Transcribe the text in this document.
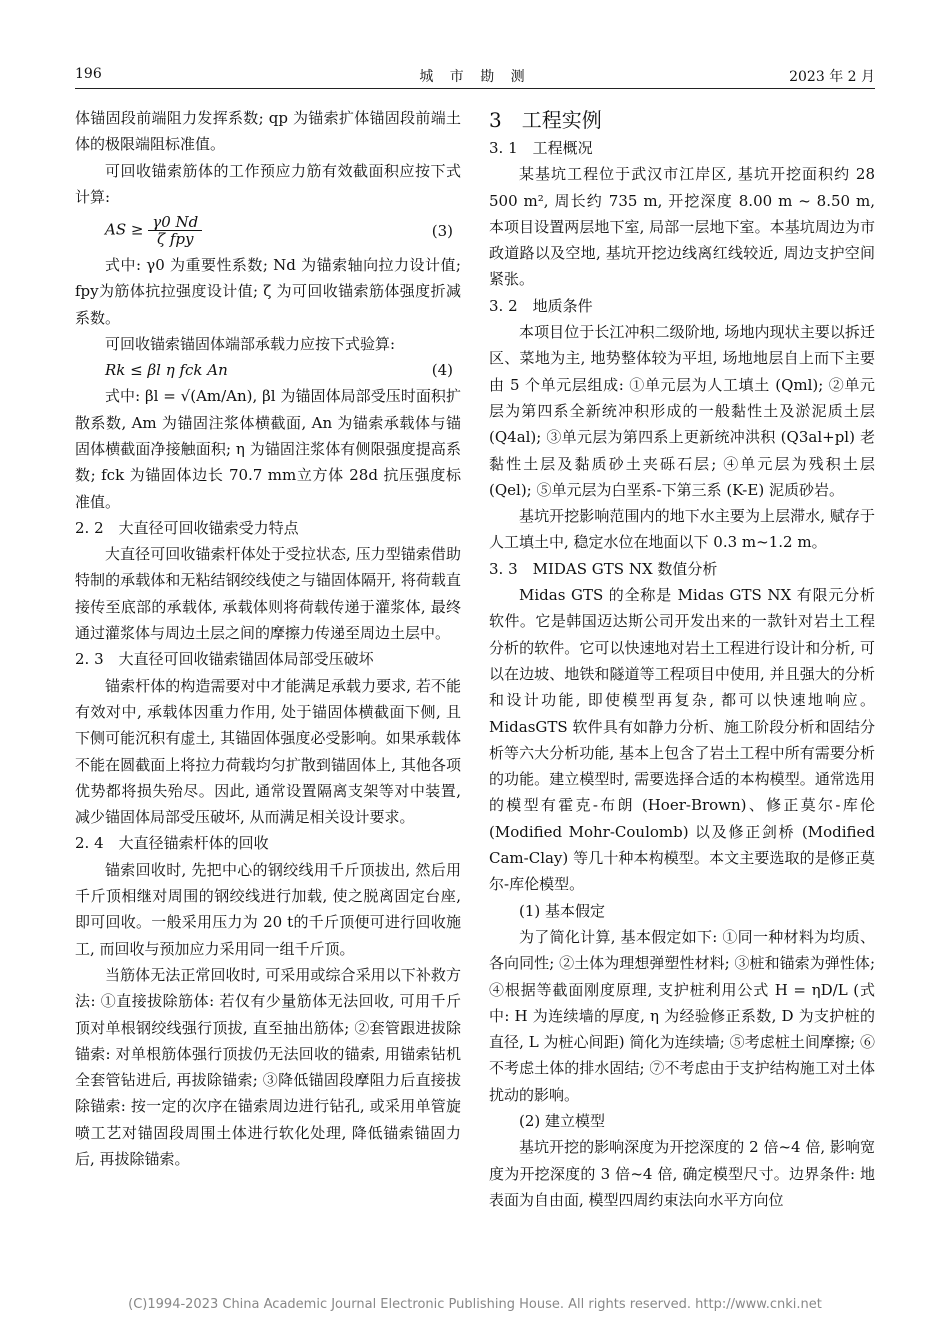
196	城 市 勘 测	2023 年 2 月

体锚固段前端阻力发挥系数; qp 为锚索扩体锚固段前端土体的极限端阻标准值。

可回收锚索筋体的工作预应力筋有效截面积应按下式计算:

AS ≥ $\frac{\gamma 0 Nd}{\text{ζ fpy}}$	(3)

式中: γ0 为重要性系数; Nd 为锚索轴向拉力设计值; fpy为筋体抗拉强度设计值; ζ 为可回收锚索筋体强度折减系数。

可回收锚索锚固体端部承载力应按下式验算:

Rk ≤ βl η fck An	(4)

式中: βl = √(Am/An), βl 为锚固体局部受压时面积扩散系数, Am 为锚固注浆体横截面, An 为锚索承载体与锚固体横截面净接触面积; η 为锚固注浆体有侧限强度提高系数; fck 为锚固体边长 70.7 mm立方体 28d 抗压强度标准值。

2. 2　大直径可回收锚索受力特点

大直径可回收锚索杆体处于受拉状态, 压力型锚索借助特制的承载体和无粘结钢绞线使之与锚固体隔开, 将荷载直接传至底部的承载体, 承载体则将荷载传递于灌浆体, 最终通过灌浆体与周边土层之间的摩擦力传递至周边土层中。

2. 3　大直径可回收锚索锚固体局部受压破坏

锚索杆体的构造需要对中才能满足承载力要求, 若不能有效对中, 承载体因重力作用, 处于锚固体横截面下侧, 且下侧可能沉积有虚土, 其锚固体强度必受影响。如果承载体不能在圆截面上将拉力荷载均匀扩散到锚固体上, 其他各项优势都将损失殆尽。因此, 通常设置隔离支架等对中装置, 减少锚固体局部受压破坏, 从而满足相关设计要求。

2. 4　大直径锚索杆体的回收

锚索回收时, 先把中心的钢绞线用千斤顶拔出, 然后用千斤顶相继对周围的钢绞线进行加载, 使之脱离固定台座, 即可回收。一般采用压力为 20 t的千斤顶便可进行回收施工, 而回收与预加应力采用同一组千斤顶。

当筋体无法正常回收时, 可采用或综合采用以下补救方法: ①直接拔除筋体: 若仅有少量筋体无法回收, 可用千斤顶对单根钢绞线强行顶拔, 直至抽出筋体; ②套管跟进拔除锚索: 对单根筋体强行顶拔仍无法回收的锚索, 用锚索钻机全套管钻进后, 再拔除锚索; ③降低锚固段摩阻力后直接拔除锚索: 按一定的次序在锚索周边进行钻孔, 或采用单管旋喷工艺对锚固段周围土体进行软化处理, 降低锚索锚固力后, 再拔除锚索。

3　工程实例

3. 1　工程概况

某基坑工程位于武汉市江岸区, 基坑开挖面积约 28 500 m², 周长约 735 m, 开挖深度 8.00 m ~ 8.50 m, 本项目设置两层地下室, 局部一层地下室。本基坑周边为市政道路以及空地, 基坑开挖边线离红线较近, 周边支护空间紧张。

3. 2　地质条件

本项目位于长江冲积二级阶地, 场地内现状主要以拆迁区、菜地为主, 地势整体较为平坦, 场地地层自上而下主要由 5 个单元层组成: ①单元层为人工填土 (Qml); ②单元层为第四系全新统冲积形成的一般黏性土及淤泥质土层 (Q4al); ③单元层为第四系上更新统冲洪积 (Q3al+pl) 老黏性土层及黏质砂土夹砾石层; ④单元层为残积土层 (Qel); ⑤单元层为白垩系-下第三系 (K-E) 泥质砂岩。

基坑开挖影响范围内的地下水主要为上层滞水, 赋存于人工填土中, 稳定水位在地面以下 0.3 m~1.2 m。

3. 3　MIDAS GTS NX 数值分析

Midas GTS 的全称是 Midas GTS NX 有限元分析软件。它是韩国迈达斯公司开发出来的一款针对岩土工程分析的软件。它可以快速地对岩土工程进行设计和分析, 可以在边坡、地铁和隧道等工程项目中使用, 并且强大的分析和设计功能, 即使模型再复杂, 都可以快速地响应。MidasGTS 软件具有如静力分析、施工阶段分析和固结分析等六大分析功能, 基本上包含了岩土工程中所有需要分析的功能。建立模型时, 需要选择合适的本构模型。通常选用的模型有霍克-布朗 (Hoer-Brown)、修正莫尔-库伦 (Modified Mohr-Coulomb) 以及修正剑桥 (Modified Cam-Clay) 等几十种本构模型。本文主要选取的是修正莫尔-库伦模型。

(1) 基本假定

为了简化计算, 基本假定如下: ①同一种材料为均质、各向同性; ②土体为理想弹塑性材料; ③桩和锚索为弹性体; ④根据等截面刚度原理, 支护桩利用公式 H = ηD/L (式中: H 为连续墙的厚度, η 为经验修正系数, D 为支护桩的直径, L 为桩心间距) 简化为连续墙; ⑤考虑桩土间摩擦; ⑥不考虑土体的排水固结; ⑦不考虑由于支护结构施工对土体扰动的影响。

(2) 建立模型

基坑开挖的影响深度为开挖深度的 2 倍~4 倍, 影响宽度为开挖深度的 3 倍~4 倍, 确定模型尺寸。边界条件: 地表面为自由面, 模型四周约束法向水平方向位

(C)1994-2023 China Academic Journal Electronic Publishing House. All rights reserved. http://www.cnki.net
